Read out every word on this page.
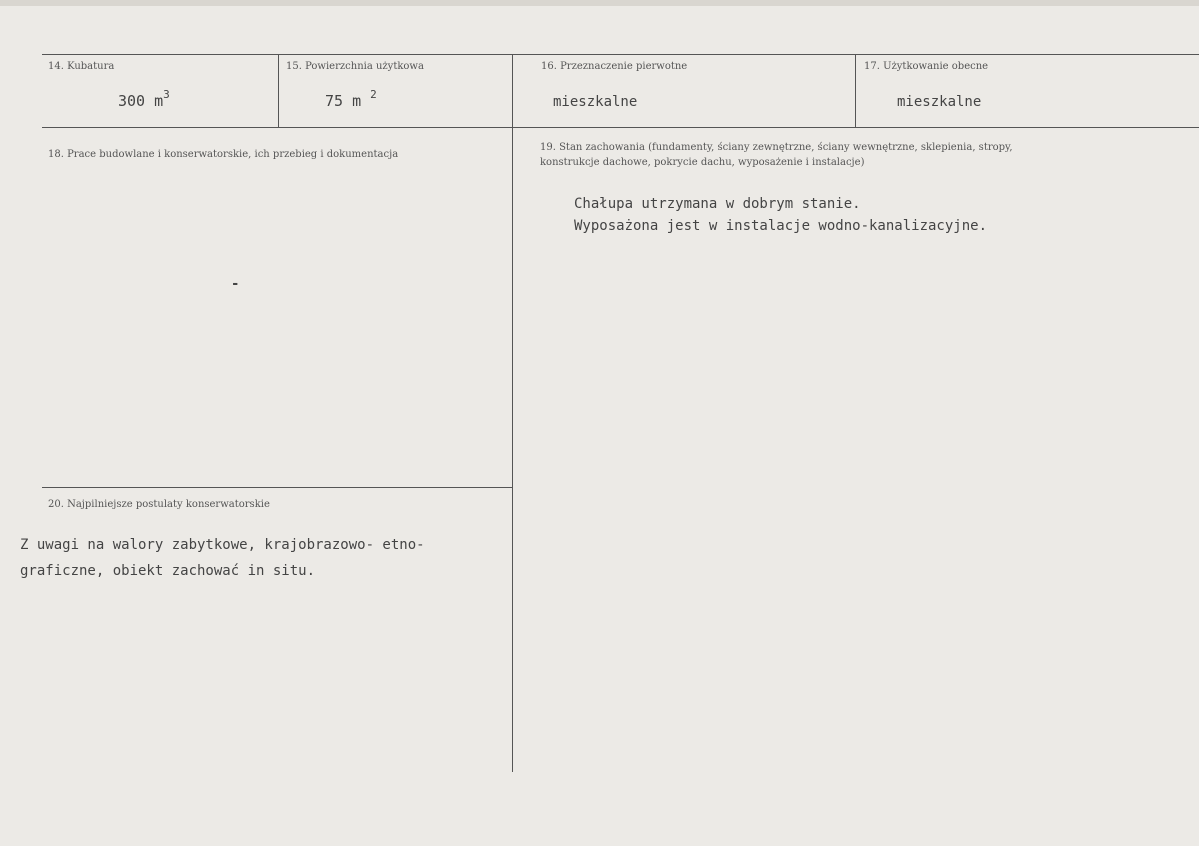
14. Kubatura
300 $m^3$
15. Powierzchnia użytkowa
75 m $^2$
16. Przeznaczenie pierwotne
mieszkalne
17. Użytkowanie obecne
mieszkalne
18. Prace budowlane i konserwatorskie, ich przebieg i dokumentacja
-
19. Stan zachowania (fundamenty, ściany zewnętrzne, ściany wewnętrzne, sklepienia, stropy,
konstrukcje dachowe, pokrycie dachu, wyposażenie i instalacje)
Chałupa utrzymana w dobrym stanie.
Wyposażona jest w instalacje wodno-kanalizacyjne.
20. Najpilniejsze postulaty konserwatorskie
Z uwagi na walory zabytkowe, krajobrazowo- etno-
graficzne, obiekt zachować in situ.
